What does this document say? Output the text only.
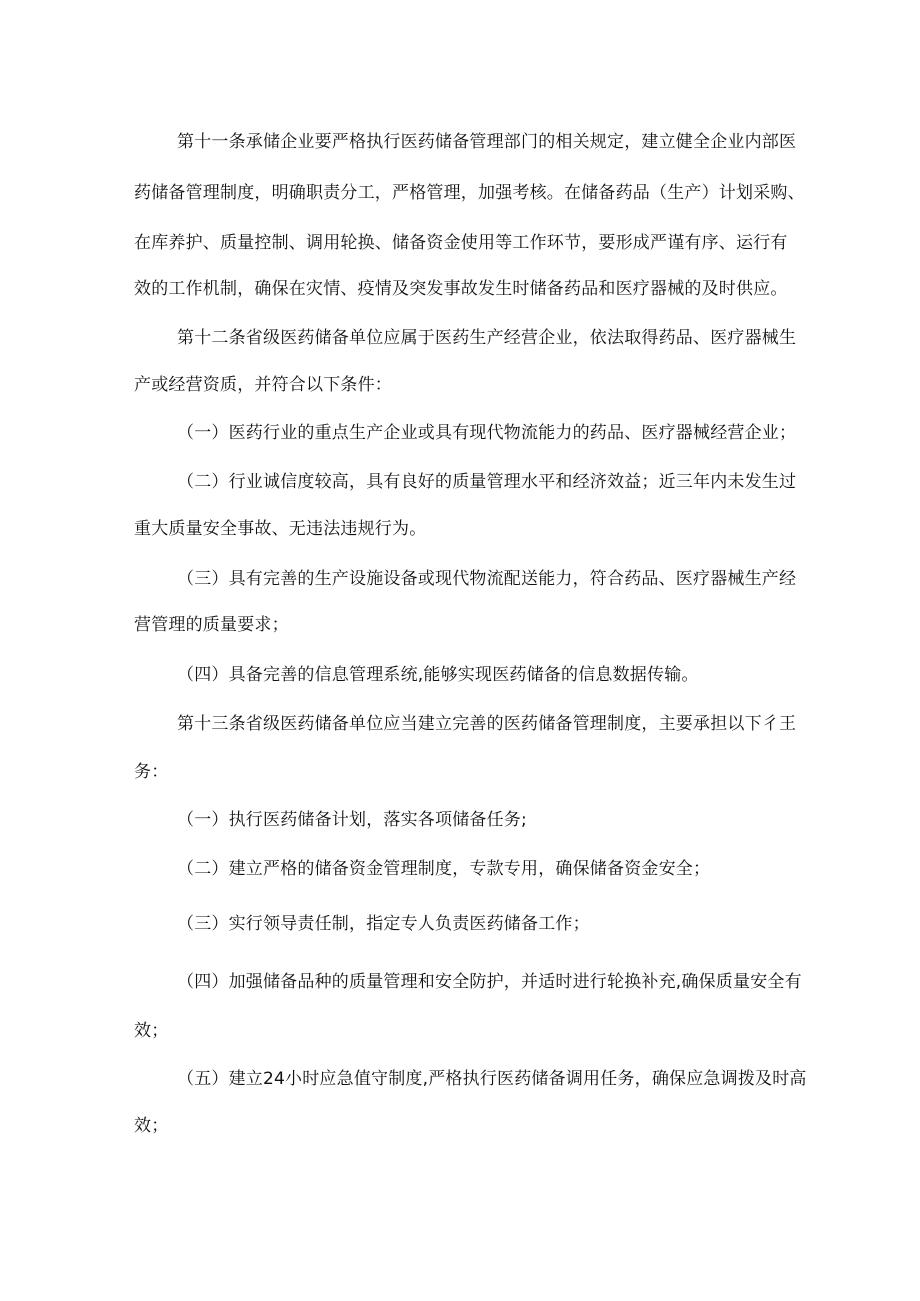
第十一条承储企业要严格执行医药储备管理部门的相关规定，建立健全企业内部医
药储备管理制度，明确职责分工，严格管理，加强考核。在储备药品（生产）计划采购、
在库养护、质量控制、调用轮换、储备资金使用等工作环节，要形成严谨有序、运行有
效的工作机制，确保在灾情、疫情及突发事故发生时储备药品和医疗器械的及时供应。
第十二条省级医药储备单位应属于医药生产经营企业，依法取得药品、医疗器械生
产或经营资质，并符合以下条件：
（一）医药行业的重点生产企业或具有现代物流能力的药品、医疗器械经营企业；
（二）行业诚信度较高，具有良好的质量管理水平和经济效益；近三年内未发生过
重大质量安全事故、无违法违规行为。
（三）具有完善的生产设施设备或现代物流配送能力，符合药品、医疗器械生产经
营管理的质量要求；
（四）具备完善的信息管理系统,能够实现医药储备的信息数据传输。
第十三条省级医药储备单位应当建立完善的医药储备管理制度，主要承担以下彳王
务：
（一）执行医药储备计划，落实各项储备任务;
（二）建立严格的储备资金管理制度，专款专用，确保储备资金安全；
（三）实行领导责任制，指定专人负责医药储备工作；
（四）加强储备品种的质量管理和安全防护，并适时进行轮换补充,确保质量安全有
效；
（五）建立24小时应急值守制度,严格执行医药储备调用任务，确保应急调拨及时高
效；
